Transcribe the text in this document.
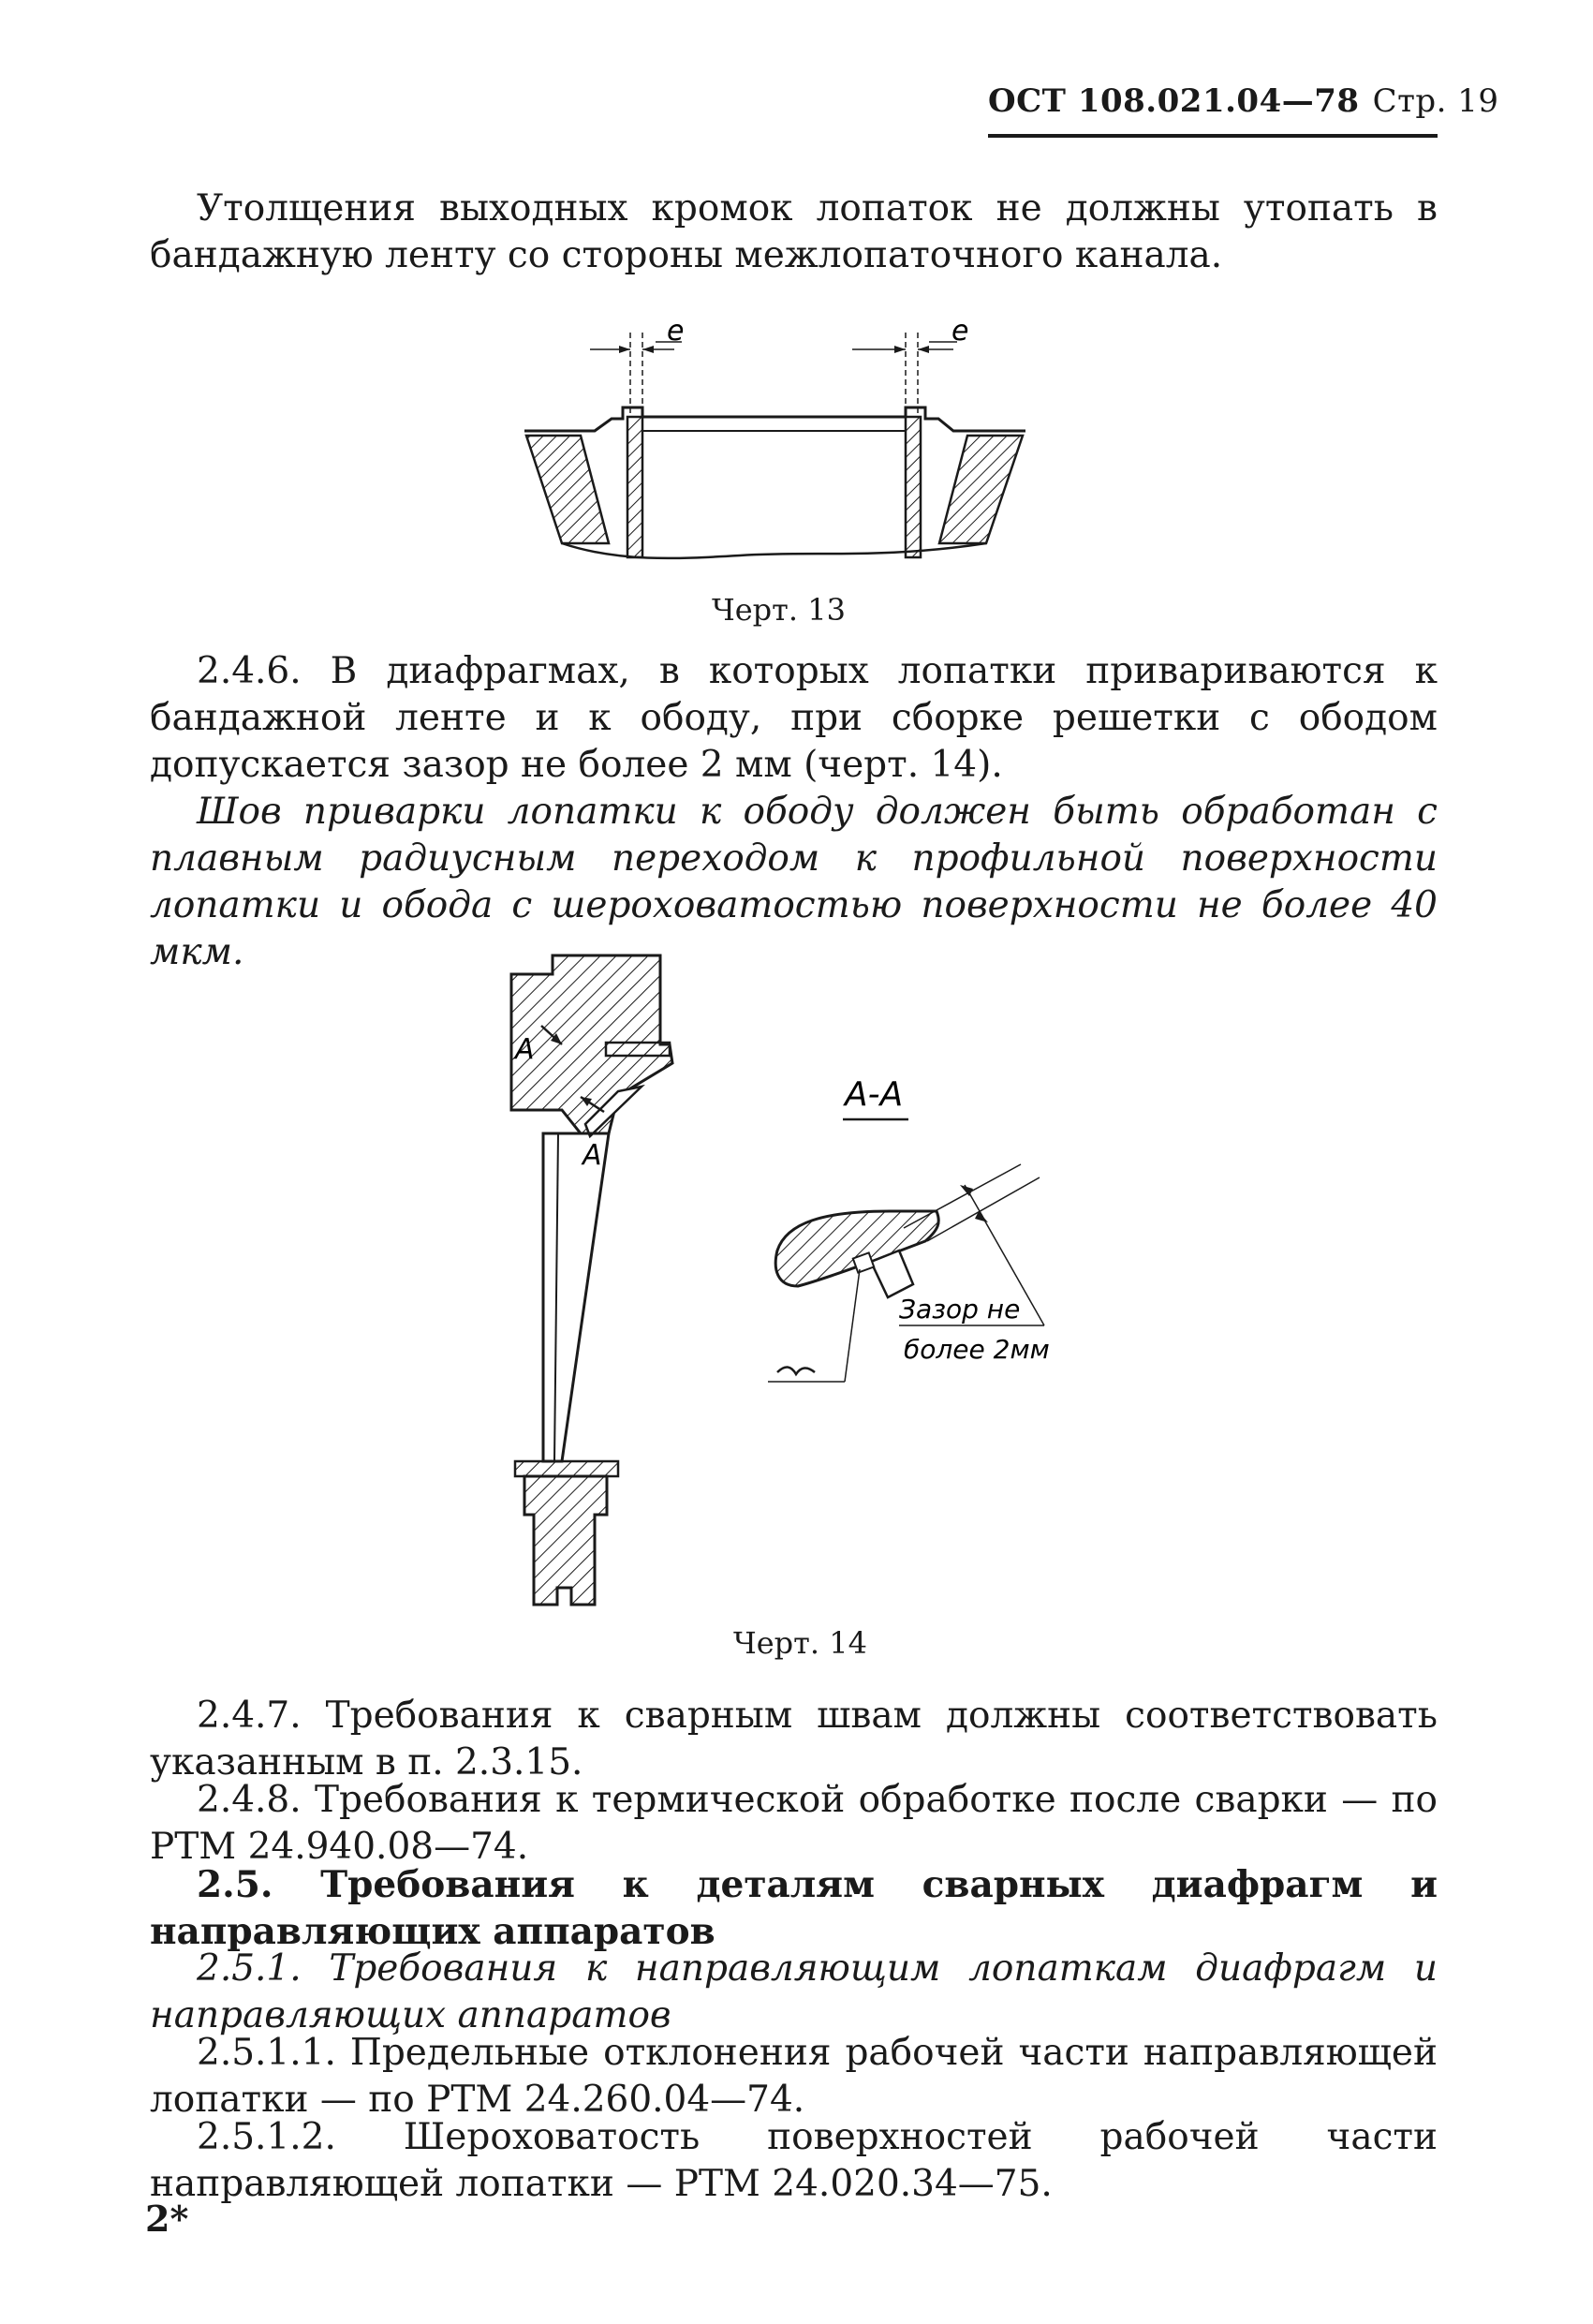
ОСТ 108.021.04—78 Стр. 19
Утолщения выходных кромок лопаток не должны утопать в бандажную ленту со стороны межлопаточного канала.
e	e
Черт. 13
2.4.6. В диафрагмах, в которых лопатки привариваются к бандажной ленте и к ободу, при сборке решетки с ободом допускается зазор не более 2 мм (черт. 14).
Шов приварки лопатки к ободу должен быть обработан с плавным радиусным переходом к профильной поверхности лопатки и обода с шероховатостью поверхности не более 40 мкм.
А
А
А-А
Зазор не
более 2мм
Черт. 14
2.4.7. Требования к сварным швам должны соответствовать указанным в п. 2.3.15.
2.4.8. Требования к термической обработке после сварки — по РТМ 24.940.08—74.
2.5. Требования к деталям сварных диафрагм и направляющих аппаратов
2.5.1. Требования к направляющим лопаткам диафрагм и направляющих аппаратов
2.5.1.1. Предельные отклонения рабочей части направляющей лопатки — по РТМ 24.260.04—74.
2.5.1.2. Шероховатость поверхностей рабочей части направляющей лопатки — РТМ 24.020.34—75.
2*
